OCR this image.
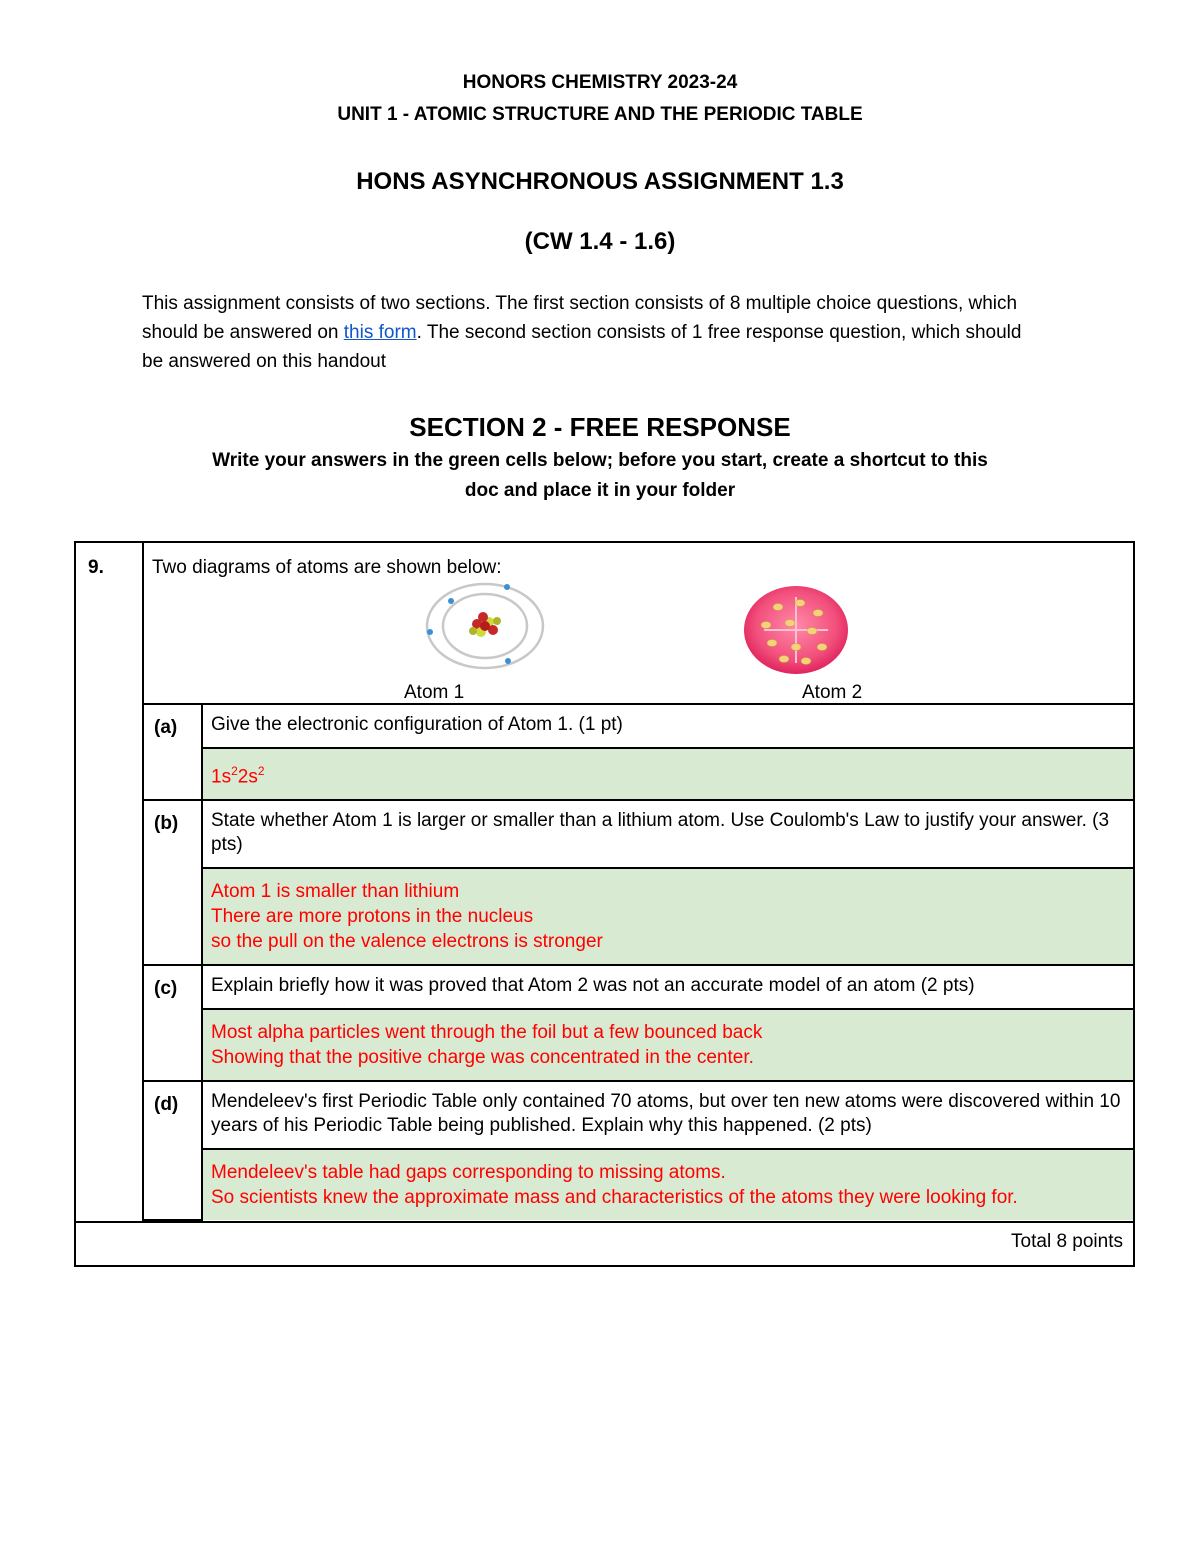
HONORS CHEMISTRY 2023-24
UNIT 1 - ATOMIC STRUCTURE AND THE PERIODIC TABLE
HONS ASYNCHRONOUS ASSIGNMENT 1.3
(CW 1.4 - 1.6)
This assignment consists of two sections. The first section consists of 8 multiple choice questions, which should be answered on this form. The second section consists of 1 free response question, which should be answered on this handout
SECTION 2 - FREE RESPONSE
Write your answers in the green cells below; before you start, create a shortcut to this
doc and place it in your folder
9.	Two diagrams of atoms are shown below:
Atom 1	Atom 2
(a)	Give the electronic configuration of Atom 1. (1 pt)
$1s^22s^2$
(b)	State whether Atom 1 is larger or smaller than a lithium atom. Use Coulomb's Law to justify your answer. (3 pts)

Atom 1 is smaller than lithium
There are more protons in the nucleus
so the pull on the valence electrons is stronger

(c)	Explain briefly how it was proved that Atom 2 was not an accurate model of an atom (2 pts)

Most alpha particles went through the foil but a few bounced back
Showing that the positive charge was concentrated in the center.

(d)	Mendeleev's first Periodic Table only contained 70 atoms, but over ten new atoms were discovered within 10 years of his Periodic Table being published. Explain why this happened. (2 pts)

Mendeleev's table had gaps corresponding to missing atoms.
So scientists knew the approximate mass and characteristics of the atoms they were looking for.

Total 8 points
